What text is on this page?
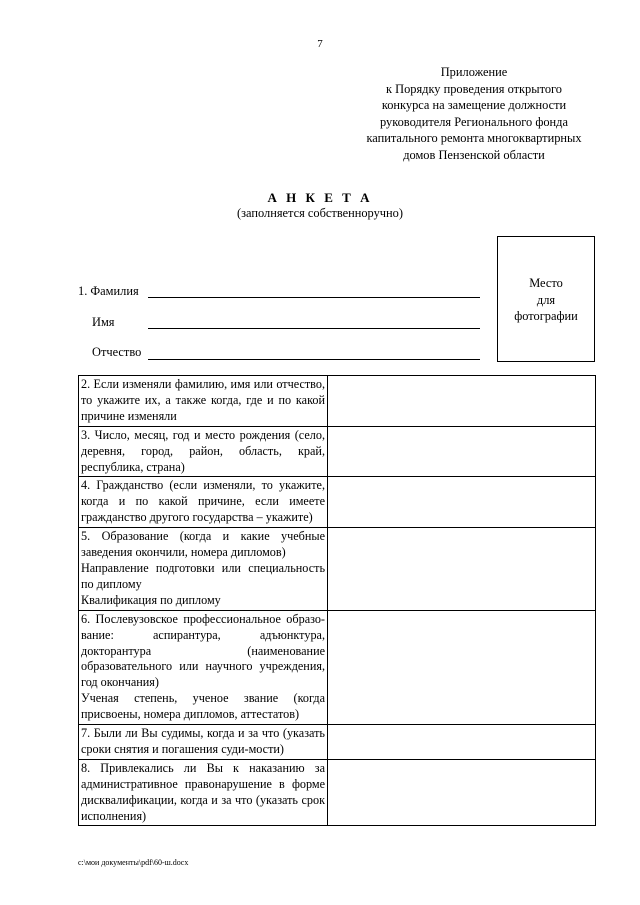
7
Приложение
к Порядку проведения открытого
конкурса на замещение должности
руководителя Регионального фонда
капитального ремонта многоквартирных
домов Пензенской области
А Н К Е Т А
(заполняется собственноручно)
Место
для
фотографии
1. Фамилия
Имя
Отчество
2. Если изменяли фамилию, имя или отчество, то укажите их, а также когда, где и по какой причине изменяли	

3. Число, месяц, год и место рождения (село, деревня, город, район, область, край, республика, страна)	

4. Гражданство (если изменяли, то укажите, когда и по какой причине, если имеете гражданство другого государства – укажите)	

5. Образование (когда и какие учебные заведения окончили, номера дипломов)
Направление подготовки или специальность по диплому
Квалификация по диплому	

6. Послевузовское профессиональное образо-вание: аспирантура, адъюнктура, докторантура (наименование образовательного или научного учреждения, год окончания)
Ученая степень, ученое звание (когда присвоены, номера дипломов, аттестатов)	

7. Были ли Вы судимы, когда и за что (указать сроки снятия и погашения суди-мости)	

8. Привлекались ли Вы к наказанию за административное правонарушение в форме дисквалификации, когда и за что (указать срок исполнения)	

c:\мои документы\pdf\60-ш.docx
